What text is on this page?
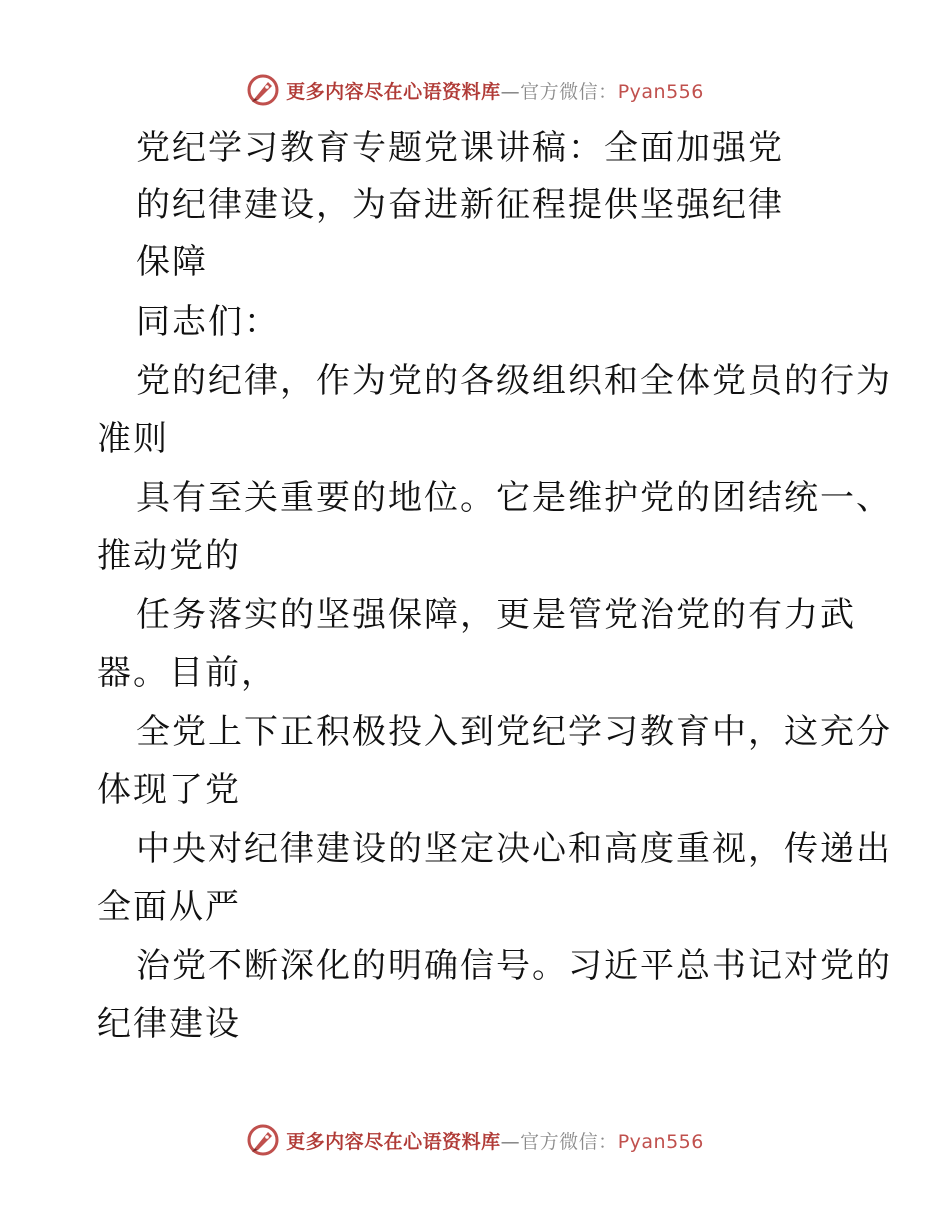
更多内容尽在心语资料库—官方微信：Pyan556
党纪学习教育专题党课讲稿：全面加强党
的纪律建设，为奋进新征程提供坚强纪律
保障
同志们：
党的纪律，作为党的各级组织和全体党员的行为
准则
具有至关重要的地位。它是维护党的团结统一、
推动党的
任务落实的坚强保障，更是管党治党的有力武
器。目前，
全党上下正积极投入到党纪学习教育中，这充分
体现了党
中央对纪律建设的坚定决心和高度重视，传递出
全面从严
治党不断深化的明确信号。习近平总书记对党的
纪律建设
更多内容尽在心语资料库—官方微信：Pyan556
